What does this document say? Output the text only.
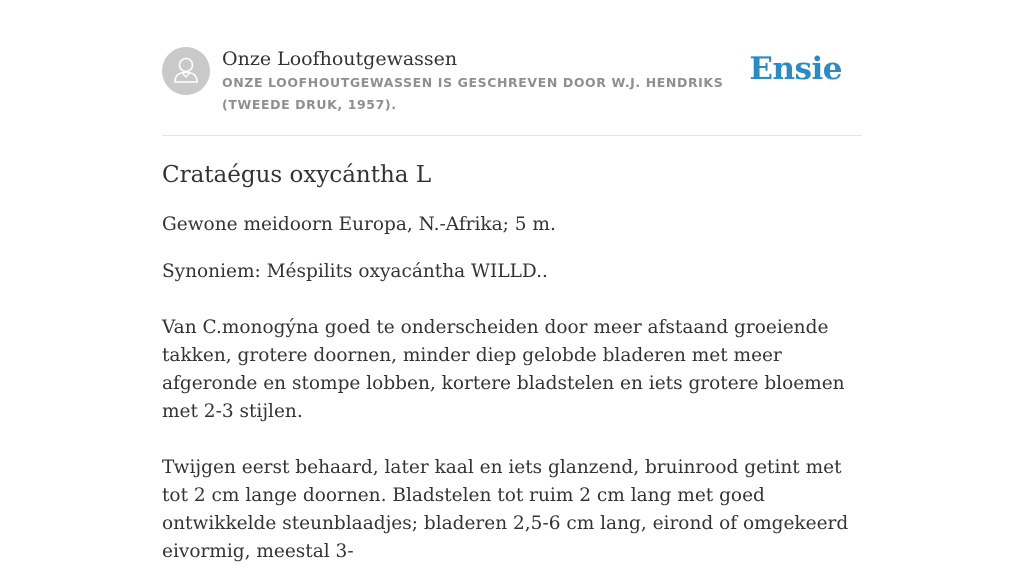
Onze Loofhoutgewassen
ONZE LOOFHOUTGEWASSEN IS GESCHREVEN DOOR W.J. HENDRIKS (TWEEDE DRUK, 1957).
Ensie
Crataégus oxycántha L

Gewone meidoorn Europa, N.-Afrika; 5 m.

Synoniem: Méspilits oxyacántha WILLD..

Van C.monogýna goed te onderscheiden door meer afstaand groeiende takken, grotere doornen, minder diep gelobde bladeren met meer afgeronde en stompe lobben, kortere bladstelen en iets grotere bloemen met 2-3 stijlen.

Twijgen eerst behaard, later kaal en iets glanzend, bruinrood getint met tot 2 cm lange doornen. Bladstelen tot ruim 2 cm lang met goed ontwikkelde steunblaadjes; bladeren 2,5-6 cm lang, eirond of omgekeerd eivormig, meestal 3-
